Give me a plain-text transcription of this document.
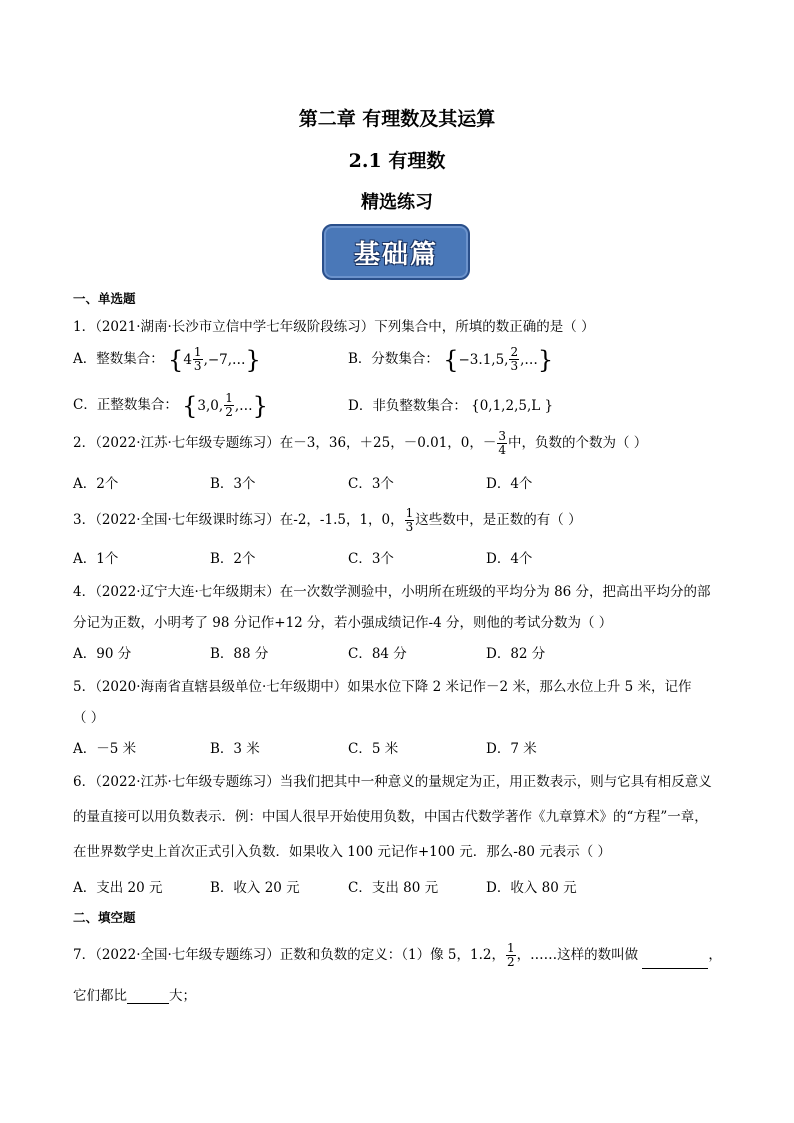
第二章 有理数及其运算
2.1 有理数
精选练习
基础篇
一、单选题
1．（2021·湖南·长沙市立信中学七年级阶段练习）下列集合中，所填的数正确的是（ ）
A．整数集合： { $4 \frac{1}{3}$ ,−7,… }	B．分数集合： { −3.1,5, $\frac{2}{3}$ ,… }
C．正整数集合： { 3,0, $\frac{1}{2}$ ,… }	D．非负整数集合： {0,1,2,5,L }
2．（2022·江苏·七年级专题练习）在－3，36，＋25，－0.01，0，－ $\frac{3}{4}$ 中，负数的个数为（ ）
A．2个	B．3个	C．3个	D．4个
3．（2022·全国·七年级课时练习）在-2，-1.5，1，0， $\frac{1}{3}$ 这些数中，是正数的有（ ）
A．1个	B．2个	C．3个	D．4个
4．（2022·辽宁大连·七年级期末）在一次数学测验中，小明所在班级的平均分为 86 分，把高出平均分的部
分记为正数，小明考了 98 分记作+12 分，若小强成绩记作-4 分，则他的考试分数为（ ）
A．90 分	B．88 分	C．84 分	D．82 分
5．（2020·海南省直辖县级单位·七年级期中）如果水位下降 2 米记作－2 米，那么水位上升 5 米，记作
（ ）
A．－5 米	B．3 米	C．5 米	D．7 米
6．（2022·江苏·七年级专题练习）当我们把其中一种意义的量规定为正，用正数表示，则与它具有相反意义
的量直接可以用负数表示．例：中国人很早开始使用负数，中国古代数学著作《九章算术》的“方程”一章，
在世界数学史上首次正式引入负数．如果收入 100 元记作+100 元．那么-80 元表示（ ）
A．支出 20 元	B．收入 20 元	C．支出 80 元	D．收入 80 元
二、填空题
7．（2022·全国·七年级专题练习）正数和负数的定义：（1）像 5，1.2， $\frac{1}{2}$ ，……这样的数叫做	，
它们都比	大；
